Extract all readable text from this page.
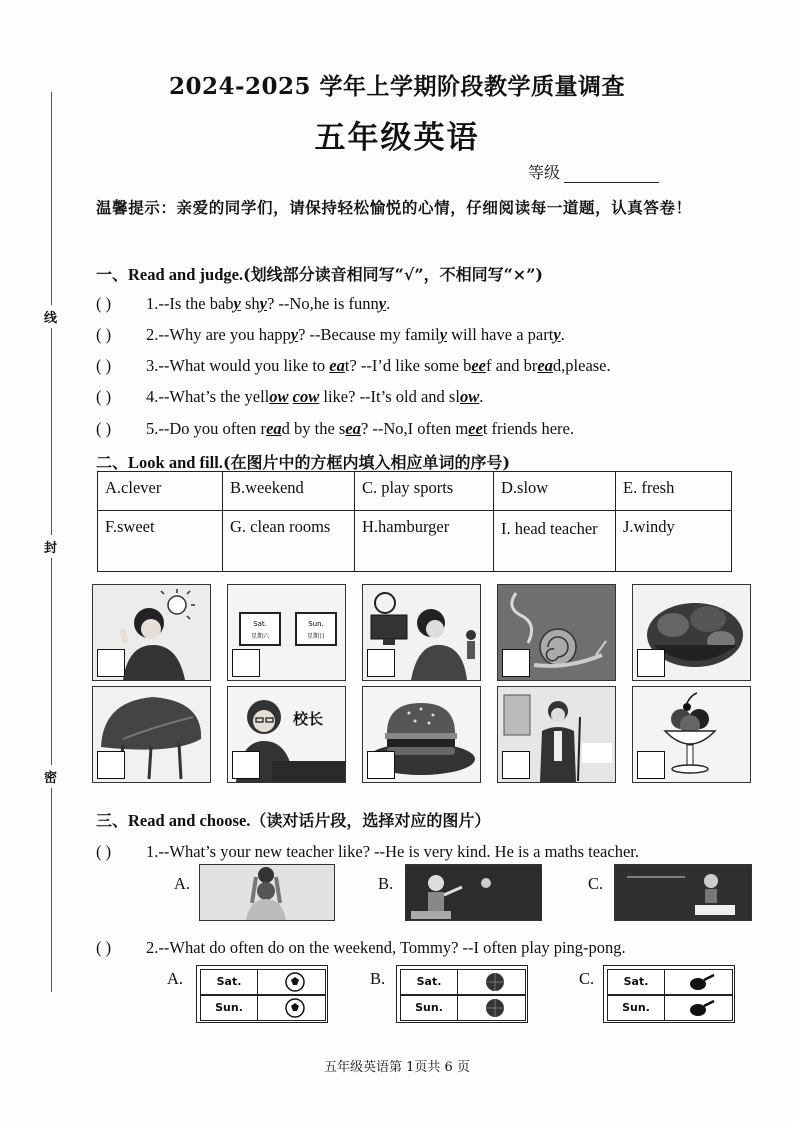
线
封
密
2024-2025 学年上学期阶段教学质量调查
五年级英语
等级
温馨提示：亲爱的同学们，请保持轻松愉悦的心情，仔细阅读每一道题，认真答卷！
一、Read and judge.(划线部分读音相同写“√”，不相同写“×”)
( ) 1.--Is the baby shy? --No,he is funny.
( ) 2.--Why are you happy? --Because my family will have a party.
( ) 3.--What would you like to eat? --I’d like some beef and bread,please.
( ) 4.--What’s the yellow cow like? --It’s old and slow.
( ) 5.--Do you often read by the sea? --No,I often meet friends here.
二、Look and fill.(在图片中的方框内填入相应单词的序号)
A.clever	B.weekend	C. play sports	D.slow	E. fresh
F.sweet	G. clean rooms	H.hamburger	I. head teacher	J.windy
Sat.
星期六
Sun.
星期日
校长
三、Read and choose.（读对话片段，选择对应的图片）
( ) 1.--What’s your new teacher like? --He is very kind. He is a maths teacher.
A.	B.	C.
( ) 2.--What do often do on the weekend, Tommy? --I often play ping-pong.
A.	Sat.
Sun.
B.	Sat.
Sun.
C.	Sat.
Sun.
五年级英语第 1页共 6 页
